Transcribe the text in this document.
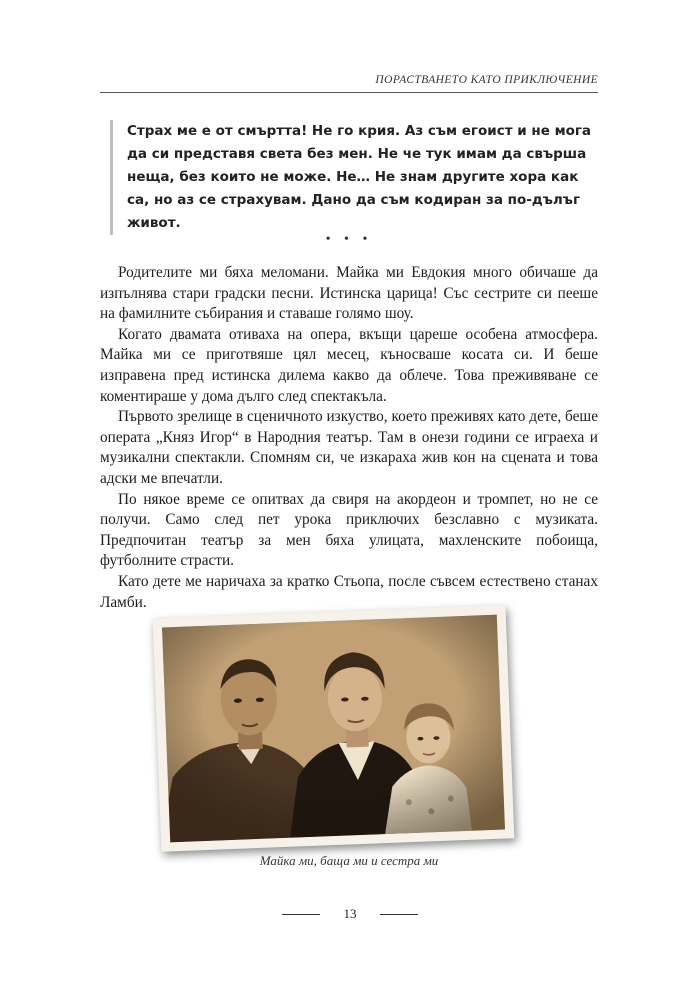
ПОРАСТВАНЕТО КАТО ПРИКЛЮЧЕНИЕ
Страх ме е от смъртта! Не го крия. Аз съм егоист и не мога да си представя света без мен. Не че тук имам да свърша неща, без които не може. Не… Не знам другите хора как са, но аз се страхувам. Дано да съм кодиран за по-дълъг живот.
• • •

Родителите ми бяха меломани. Майка ми Евдокия много обичаше да изпълнява стари градски песни. Истинска царица! Със сестрите си пееше на фамилните събирания и ставаше голямо шоу.

Когато двамата отиваха на опера, вкъщи цареше особена атмосфера. Майка ми се приготвяше цял месец, къносваше косата си. И беше изправена пред истинска дилема какво да облече. Това преживяване се коментираше у дома дълго след спектакъла.

Първото зрелище в сценичното изкуство, което преживях като дете, беше операта „Княз Игор“ в Народния театър. Там в онези години се играеха и музикални спектакли. Спомням си, че изкараха жив кон на сцената и това адски ме впечатли.

По някое време се опитвах да свиря на акордеон и тромпет, но не се получи. Само след пет урока приключих безславно с музиката. Предпочитан театър за мен бяха улицата, махленските побоища, футболните страсти.

Като дете ме наричаха за кратко Стьопа, после съвсем естествено станах Ламби.

Майка ми, баща ми и сестра ми
13
